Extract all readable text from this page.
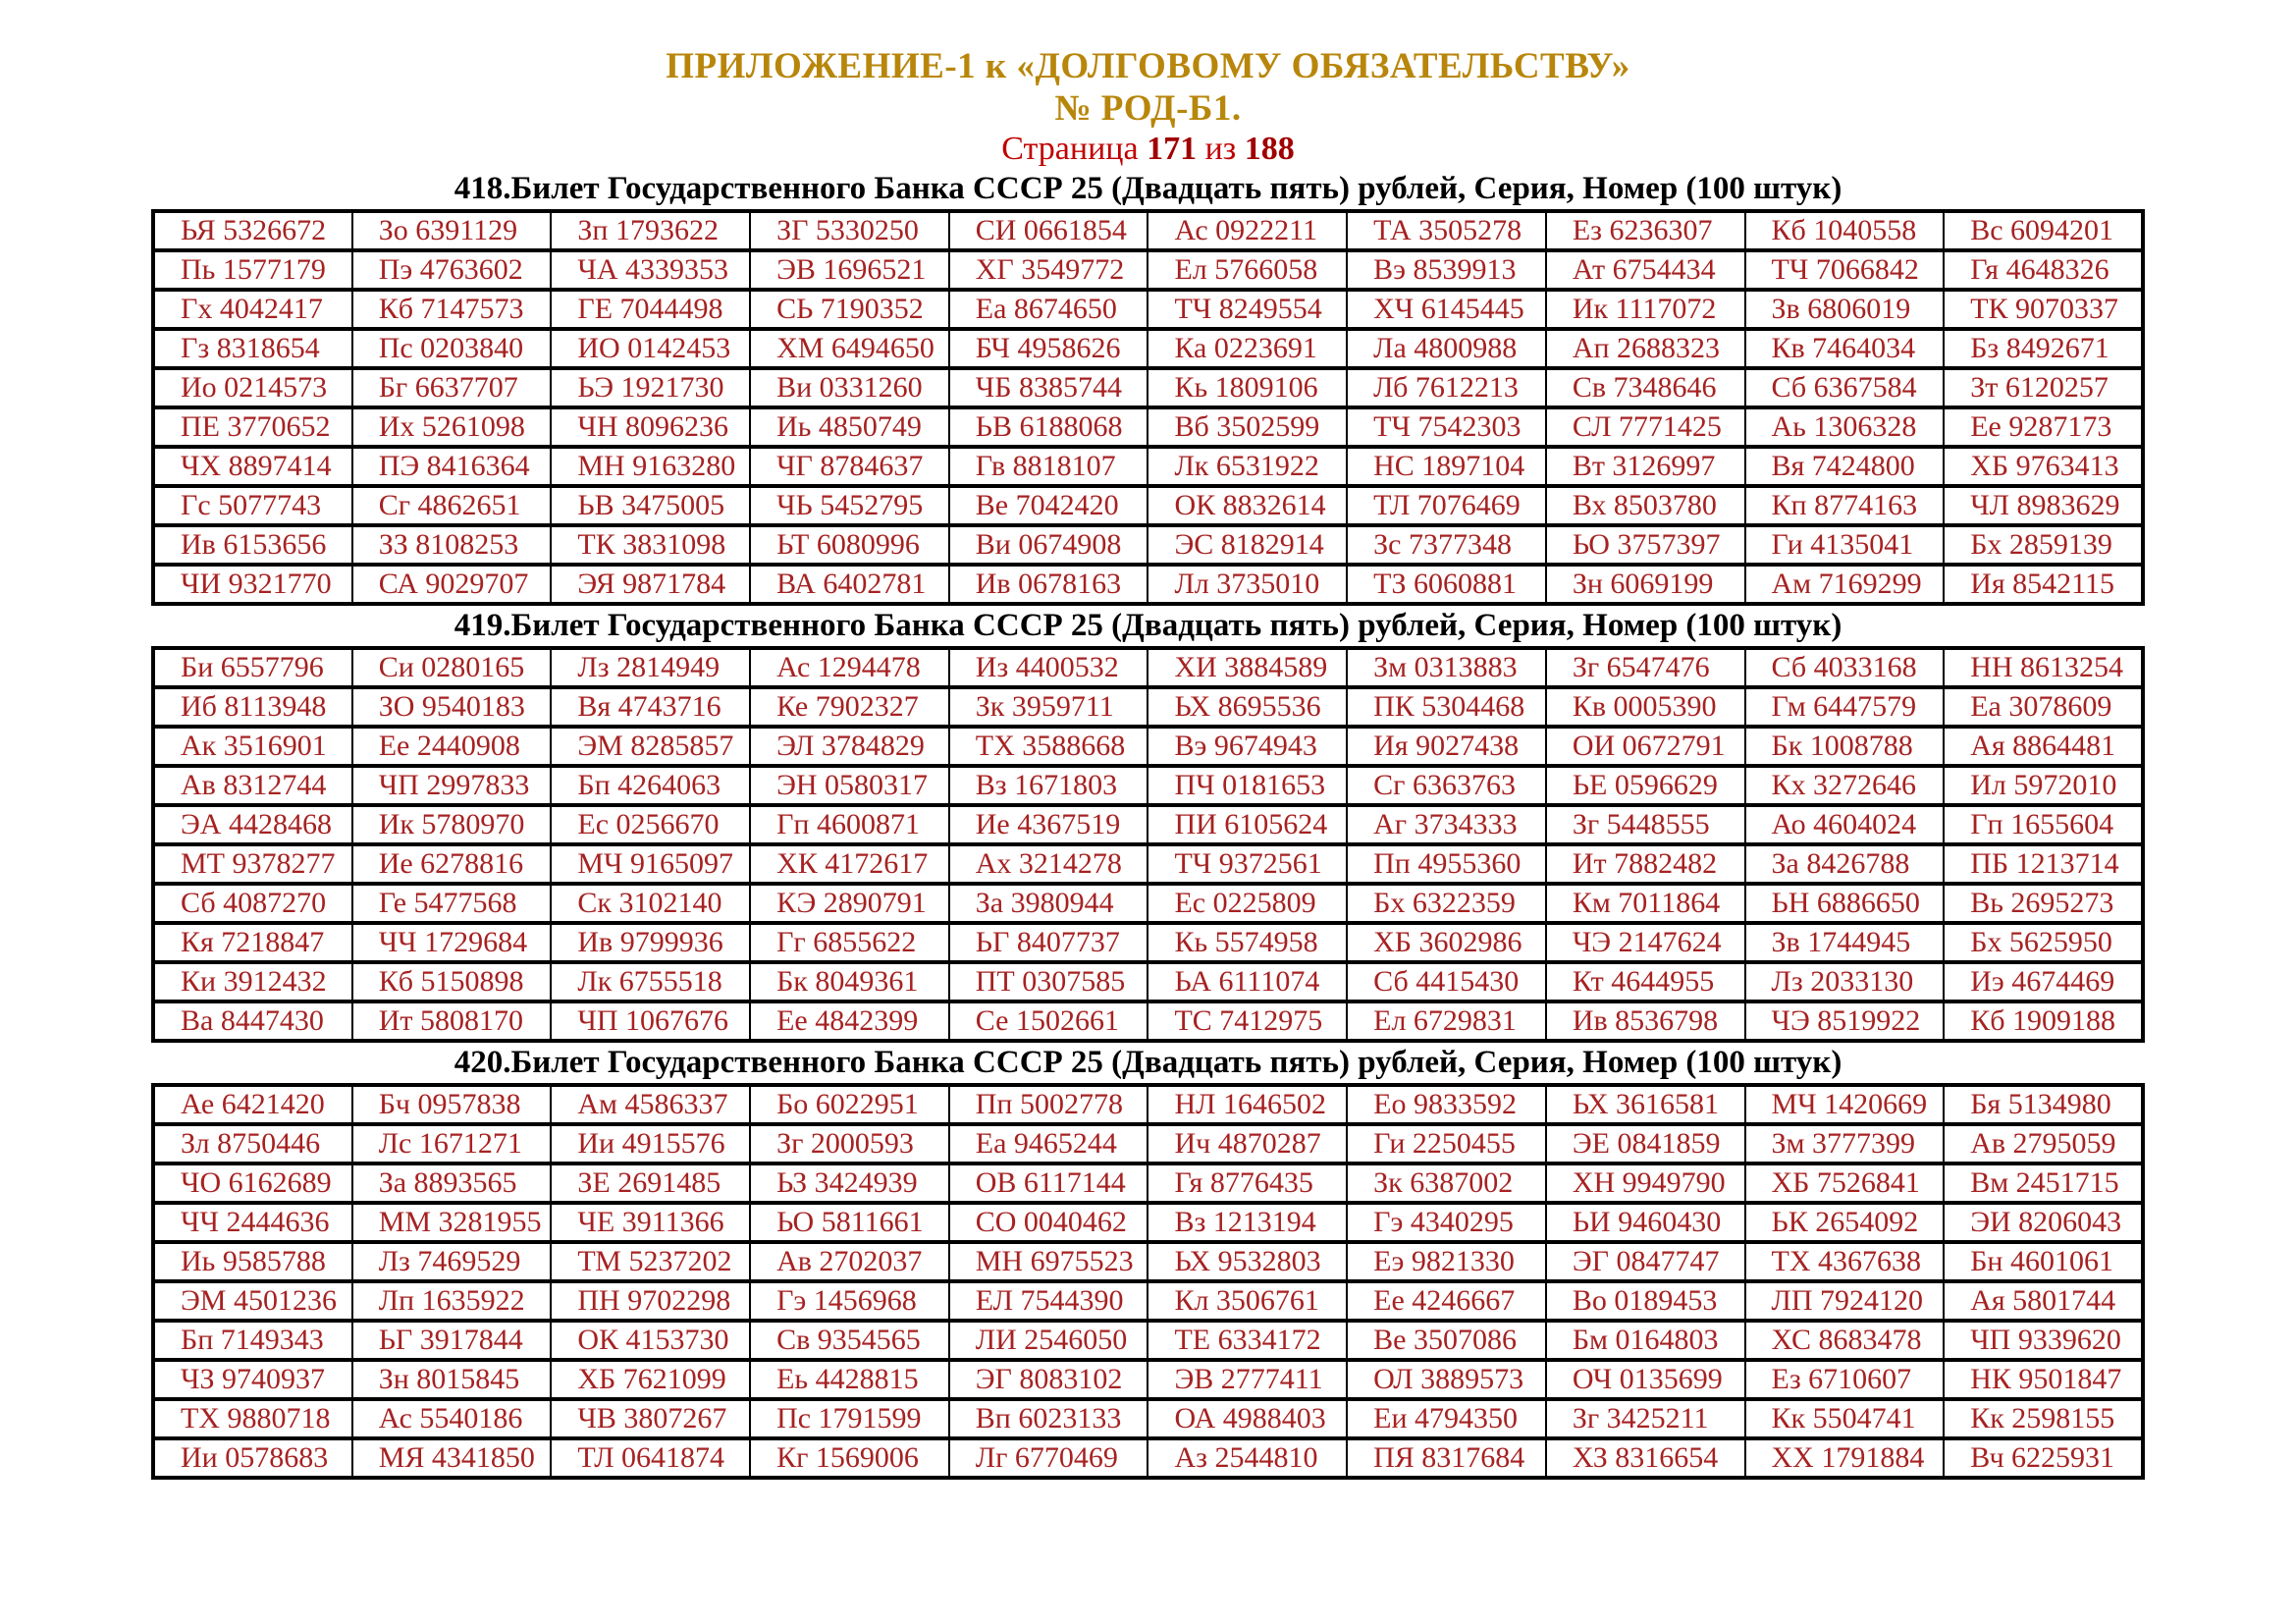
ПРИЛОЖЕНИЕ-1 к «ДОЛГОВОМУ ОБЯЗАТЕЛЬСТВУ»
№ РОД-Б1.
Страница 171 из 188
418.Билет Государственного Банка СССР 25 (Двадцать пять) рублей, Серия, Номер (100 штук)
ЬЯ 5326672	Зо 6391129	Зп 1793622	ЗГ 5330250	СИ 0661854	Ас 0922211	ТА 3505278	Ез 6236307	Кб 1040558	Вс 6094201
Пь 1577179	Пэ 4763602	ЧА 4339353	ЭВ 1696521	ХГ 3549772	Ел 5766058	Вэ 8539913	Ат 6754434	ТЧ 7066842	Гя 4648326
Гх 4042417	Кб 7147573	ГЕ 7044498	СЬ 7190352	Еа 8674650	ТЧ 8249554	ХЧ 6145445	Ик 1117072	Зв 6806019	ТК 9070337
Гз 8318654	Пс 0203840	ИО 0142453	ХМ 6494650	БЧ 4958626	Ка 0223691	Ла 4800988	Ап 2688323	Кв 7464034	Бз 8492671
Ио 0214573	Бг 6637707	ЬЭ 1921730	Ви 0331260	ЧБ 8385744	Кь 1809106	Лб 7612213	Св 7348646	Сб 6367584	Зт 6120257
ПЕ 3770652	Их 5261098	ЧН 8096236	Иь 4850749	ЬВ 6188068	Вб 3502599	ТЧ 7542303	СЛ 7771425	Аь 1306328	Ее 9287173
ЧХ 8897414	ПЭ 8416364	МН 9163280	ЧГ 8784637	Гв 8818107	Лк 6531922	НС 1897104	Вт 3126997	Вя 7424800	ХБ 9763413
Гс 5077743	Сг 4862651	ЬВ 3475005	ЧЬ 5452795	Ве 7042420	ОК 8832614	ТЛ 7076469	Вх 8503780	Кп 8774163	ЧЛ 8983629
Ив 6153656	ЗЗ 8108253	ТК 3831098	ЬТ 6080996	Ви 0674908	ЭС 8182914	Зс 7377348	ЬО 3757397	Ги 4135041	Бх 2859139
ЧИ 9321770	СА 9029707	ЭЯ 9871784	ВА 6402781	Ив 0678163	Лл 3735010	ТЗ 6060881	Зн 6069199	Ам 7169299	Ия 8542115
419.Билет Государственного Банка СССР 25 (Двадцать пять) рублей, Серия, Номер (100 штук)
Би 6557796	Си 0280165	Лз 2814949	Ас 1294478	Из 4400532	ХИ 3884589	Зм 0313883	Зг 6547476	Сб 4033168	НН 8613254
Иб 8113948	ЗО 9540183	Вя 4743716	Ке 7902327	Зк 3959711	ЬХ 8695536	ПК 5304468	Кв 0005390	Гм 6447579	Еа 3078609
Ак 3516901	Ее 2440908	ЭМ 8285857	ЭЛ 3784829	ТХ 3588668	Вэ 9674943	Ия 9027438	ОИ 0672791	Бк 1008788	Ая 8864481
Ав 8312744	ЧП 2997833	Бп 4264063	ЭН 0580317	Вз 1671803	ПЧ 0181653	Сг 6363763	ЬЕ 0596629	Кх 3272646	Ил 5972010
ЭА 4428468	Ик 5780970	Ес 0256670	Гп 4600871	Ие 4367519	ПИ 6105624	Аг 3734333	Зг 5448555	Ао 4604024	Гп 1655604
МТ 9378277	Ие 6278816	МЧ 9165097	ХК 4172617	Ах 3214278	ТЧ 9372561	Пп 4955360	Ит 7882482	За 8426788	ПБ 1213714
Сб 4087270	Ге 5477568	Ск 3102140	КЭ 2890791	За 3980944	Ес 0225809	Бх 6322359	Км 7011864	ЬН 6886650	Вь 2695273
Кя 7218847	ЧЧ 1729684	Ив 9799936	Гг 6855622	ЬГ 8407737	Кь 5574958	ХБ 3602986	ЧЭ 2147624	Зв 1744945	Бх 5625950
Ки 3912432	Кб 5150898	Лк 6755518	Бк 8049361	ПТ 0307585	ЬА 6111074	Сб 4415430	Кт 4644955	Лз 2033130	Иэ 4674469
Ва 8447430	Ит 5808170	ЧП 1067676	Ее 4842399	Се 1502661	ТС 7412975	Ел 6729831	Ив 8536798	ЧЭ 8519922	Кб 1909188
420.Билет Государственного Банка СССР 25 (Двадцать пять) рублей, Серия, Номер (100 штук)
Ае 6421420	Бч 0957838	Ам 4586337	Бо 6022951	Пп 5002778	НЛ 1646502	Ео 9833592	ЬХ 3616581	МЧ 1420669	Бя 5134980
Зл 8750446	Лс 1671271	Ии 4915576	Зг 2000593	Еа 9465244	Ич 4870287	Ги 2250455	ЭЕ 0841859	Зм 3777399	Ав 2795059
ЧО 6162689	За 8893565	ЗЕ 2691485	ЬЗ 3424939	ОВ 6117144	Гя 8776435	Зк 6387002	ХН 9949790	ХБ 7526841	Вм 2451715
ЧЧ 2444636	ММ 3281955	ЧЕ 3911366	ЬО 5811661	СО 0040462	Вз 1213194	Гэ 4340295	ЬИ 9460430	ЬК 2654092	ЭИ 8206043
Иь 9585788	Лз 7469529	ТМ 5237202	Ав 2702037	МН 6975523	ЬХ 9532803	Еэ 9821330	ЭГ 0847747	ТХ 4367638	Бн 4601061
ЭМ 4501236	Лп 1635922	ПН 9702298	Гэ 1456968	ЕЛ 7544390	Кл 3506761	Ее 4246667	Во 0189453	ЛП 7924120	Ая 5801744
Бп 7149343	ЬГ 3917844	ОК 4153730	Св 9354565	ЛИ 2546050	ТЕ 6334172	Ве 3507086	Бм 0164803	ХС 8683478	ЧП 9339620
ЧЗ 9740937	Зн 8015845	ХБ 7621099	Еь 4428815	ЭГ 8083102	ЭВ 2777411	ОЛ 3889573	ОЧ 0135699	Ез 6710607	НК 9501847
ТХ 9880718	Ас 5540186	ЧВ 3807267	Пс 1791599	Вп 6023133	ОА 4988403	Еи 4794350	Зг 3425211	Кк 5504741	Кк 2598155
Ии 0578683	МЯ 4341850	ТЛ 0641874	Кг 1569006	Лг 6770469	Аз 2544810	ПЯ 8317684	ХЗ 8316654	ХХ 1791884	Вч 6225931
